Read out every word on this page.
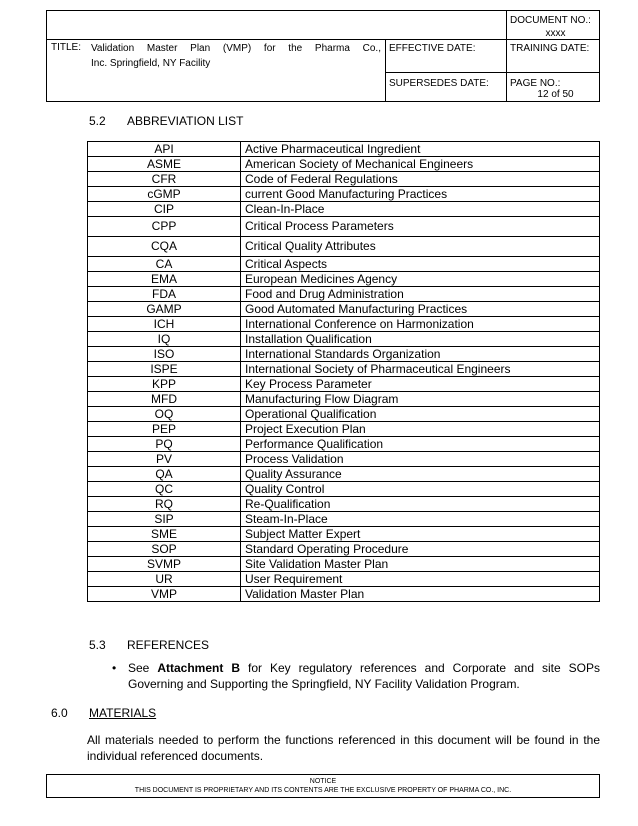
DOCUMENT NO.:
xxxx
TITLE: Validation Master Plan (VMP) for the Pharma Co.,
Inc. Springfield, NY Facility
EFFECTIVE DATE:	TRAINING DATE:
SUPERSEDES DATE: PAGE NO.:
12 of 50
5.2 ABBREVIATION LIST
API	Active Pharmaceutical Ingredient
ASME	American Society of Mechanical Engineers
CFR	Code of Federal Regulations
cGMP	current Good Manufacturing Practices
CIP	Clean-In-Place
CPP	Critical Process Parameters
CQA	Critical Quality Attributes
CA	Critical Aspects
EMA	European Medicines Agency
FDA	Food and Drug Administration
GAMP	Good Automated Manufacturing Practices
ICH	International Conference on Harmonization
IQ	Installation Qualification
ISO	International Standards Organization
ISPE	International Society of Pharmaceutical Engineers
KPP	Key Process Parameter
MFD	Manufacturing Flow Diagram
OQ	Operational Qualification
PEP	Project Execution Plan
PQ	Performance Qualification
PV	Process Validation
QA	Quality Assurance
QC	Quality Control
RQ	Re-Qualification
SIP	Steam-In-Place
SME	Subject Matter Expert
SOP	Standard Operating Procedure
SVMP	Site Validation Master Plan
UR	User Requirement
VMP	Validation Master Plan
5.3 REFERENCES
• See Attachment B for Key regulatory references and Corporate and site SOPs Governing and Supporting the Springfield, NY Facility Validation Program.
6.0 MATERIALS
All materials needed to perform the functions referenced in this document will be found in the individual referenced documents.
NOTICE
THIS DOCUMENT IS PROPRIETARY AND ITS CONTENTS ARE THE EXCLUSIVE PROPERTY OF PHARMA CO., INC.
